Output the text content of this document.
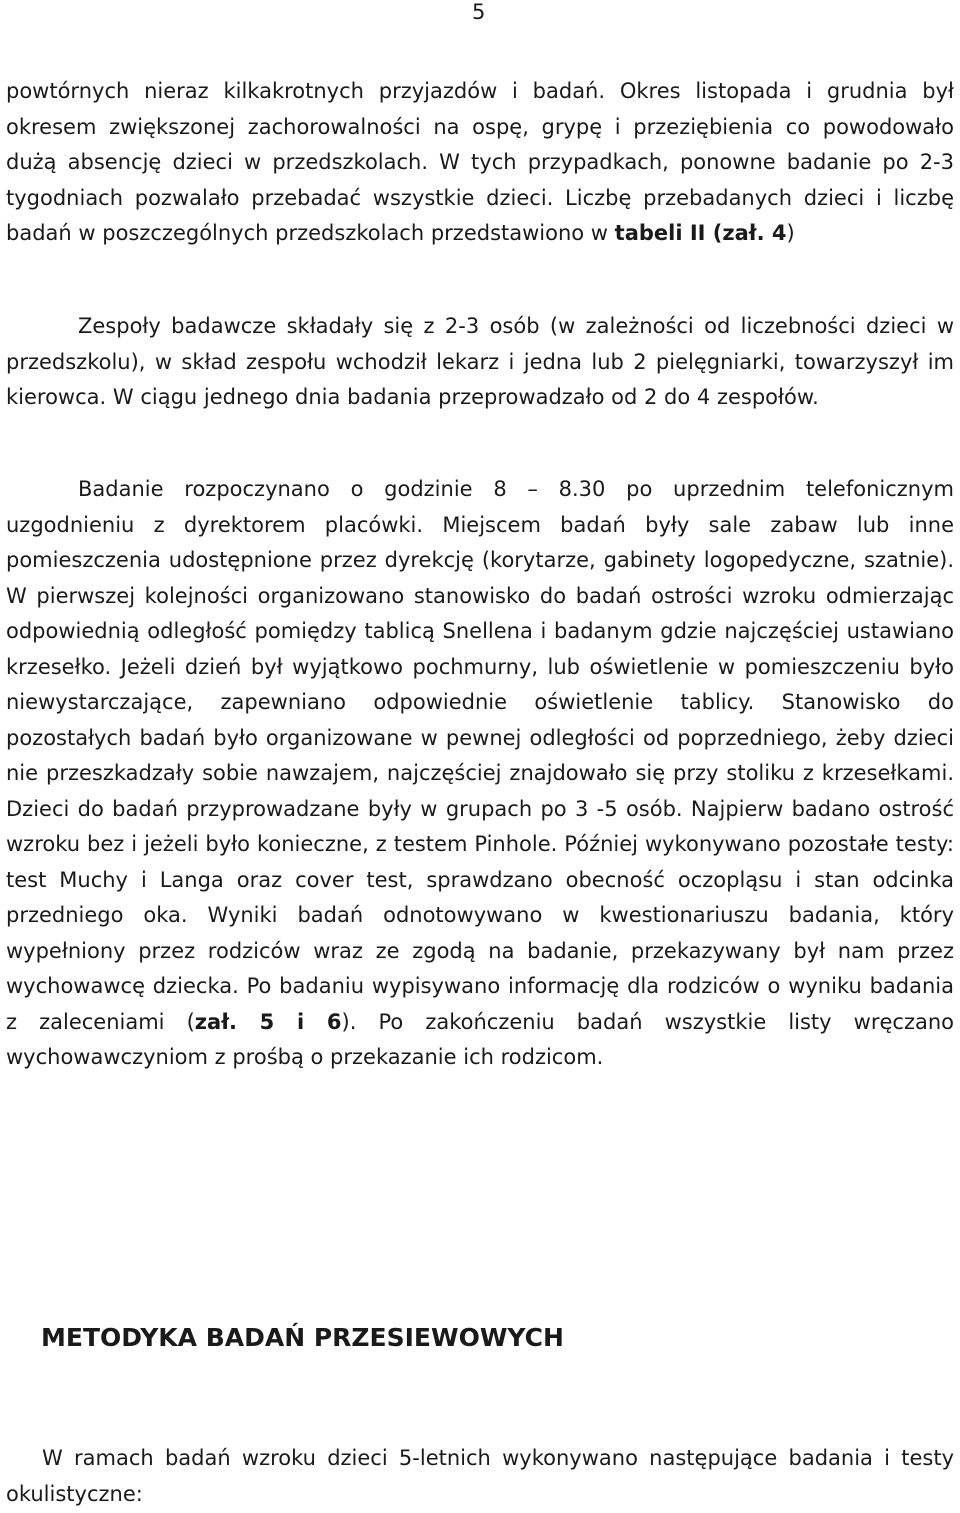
5

powtórnych nieraz kilkakrotnych przyjazdów i badań. Okres listopada i grudnia był okresem zwiększonej zachorowalności na ospę, grypę i przeziębienia co powodowało dużą absencję dzieci w przedszkolach. W tych przypadkach, ponowne badanie po 2-3 tygodniach pozwalało przebadać wszystkie dzieci. Liczbę przebadanych dzieci i liczbę badań w poszczególnych przedszkolach przedstawiono w tabeli II (zał. 4)

Zespoły badawcze składały się z 2-3 osób (w zależności od liczebności dzieci w przedszkolu), w skład zespołu wchodził lekarz i jedna lub 2 pielęgniarki, towarzyszył im kierowca. W ciągu jednego dnia badania przeprowadzało od 2 do 4 zespołów.

Badanie rozpoczynano o godzinie 8 – 8.30 po uprzednim telefonicznym uzgodnieniu z dyrektorem placówki. Miejscem badań były sale zabaw lub inne pomieszczenia udostępnione przez dyrekcję (korytarze, gabinety logopedyczne, szatnie). W pierwszej kolejności organizowano stanowisko do badań ostrości wzroku odmierzając odpowiednią odległość pomiędzy tablicą Snellena i badanym gdzie najczęściej ustawiano krzesełko. Jeżeli dzień był wyjątkowo pochmurny, lub oświetlenie w pomieszczeniu było niewystarczające, zapewniano odpowiednie oświetlenie tablicy. Stanowisko do pozostałych badań było organizowane w pewnej odległości od poprzedniego, żeby dzieci nie przeszkadzały sobie nawzajem, najczęściej znajdowało się przy stoliku z krzesełkami. Dzieci do badań przyprowadzane były w grupach po 3 -5 osób. Najpierw badano ostrość wzroku bez i jeżeli było konieczne, z testem Pinhole. Później wykonywano pozostałe testy: test Muchy i Langa oraz cover test, sprawdzano obecność oczopląsu i stan odcinka przedniego oka. Wyniki badań odnotowywano w kwestionariuszu badania, który wypełniony przez rodziców wraz ze zgodą na badanie, przekazywany był nam przez wychowawcę dziecka. Po badaniu wypisywano informację dla rodziców o wyniku badania z zaleceniami (zał. 5 i 6). Po zakończeniu badań wszystkie listy wręczano wychowawczyniom z prośbą o przekazanie ich rodzicom.

METODYKA BADAŃ PRZESIEWOWYCH

W ramach badań wzroku dzieci 5-letnich wykonywano następujące badania i testy okulistyczne:
